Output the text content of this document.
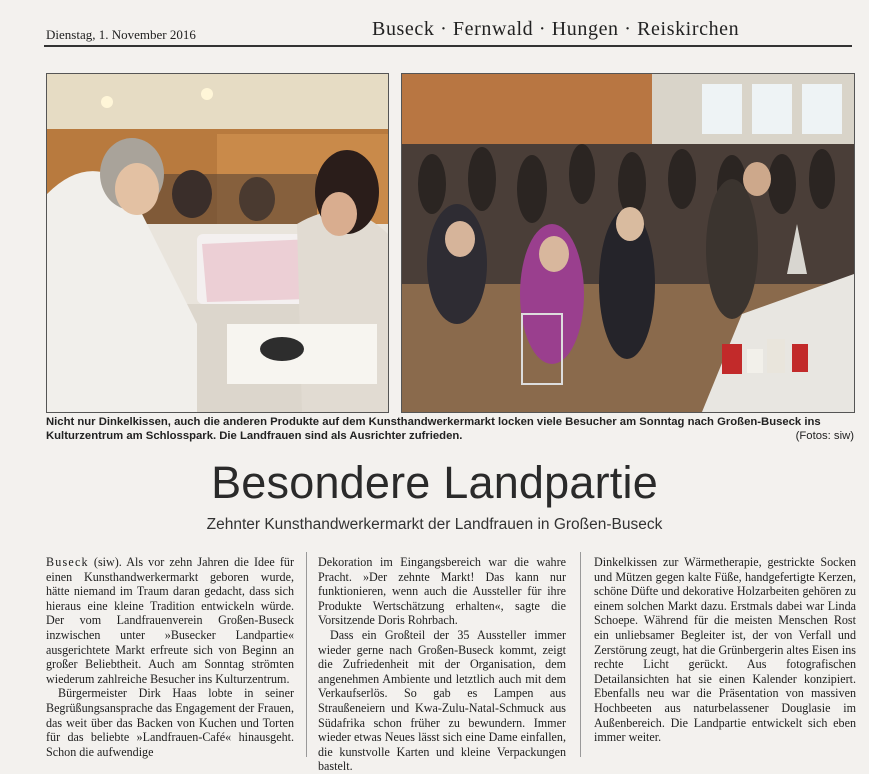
Dienstag, 1. November 2016	Buseck · Fernwald · Hungen · Reiskirchen
Nicht nur Dinkelkissen, auch die anderen Produkte auf dem Kunsthandwerkermarkt locken viele Besucher am Sonntag nach Großen-Buseck ins Kulturzentrum am Schlosspark. Die Landfrauen sind als Ausrichter zufrieden.	(Fotos: siw)
Besondere Landpartie
Zehnter Kunsthandwerkermarkt der Landfrauen in Großen-Buseck

Buseck (siw). Als vor zehn Jahren die Idee für einen Kunsthandwerkermarkt geboren wurde, hätte niemand im Traum daran gedacht, dass sich hieraus eine kleine Tradition entwickeln würde. Der vom Landfrauenverein Großen-Buseck inzwischen unter »Busecker Landpartie« ausgerichtete Markt erfreute sich von Beginn an großer Beliebtheit. Auch am Sonntag strömten wiederum zahlreiche Besucher ins Kulturzentrum.

Bürgermeister Dirk Haas lobte in seiner Begrüßungsansprache das Engagement der Frauen, das weit über das Backen von Kuchen und Torten für das beliebte »Landfrauen-Café« hinausgeht. Schon die aufwendige

Dekoration im Eingangsbereich war die wahre Pracht. »Der zehnte Markt! Das kann nur funktionieren, wenn auch die Aussteller für ihre Produkte Wertschätzung erhalten«, sagte die Vorsitzende Doris Rohrbach.

Dass ein Großteil der 35 Aussteller immer wieder gerne nach Großen-Buseck kommt, zeigt die Zufriedenheit mit der Organisation, dem angenehmen Ambiente und letztlich auch mit dem Verkaufserlös. So gab es Lampen aus Straußeneiern und Kwa-Zulu-Natal-Schmuck aus Südafrika schon früher zu bewundern. Immer wieder etwas Neues lässt sich eine Dame einfallen, die kunstvolle Karten und kleine Verpackungen bastelt.

Dinkelkissen zur Wärmetherapie, gestrickte Socken und Mützen gegen kalte Füße, handgefertigte Kerzen, schöne Düfte und dekorative Holzarbeiten gehören zu einem solchen Markt dazu. Erstmals dabei war Linda Schoepe. Während für die meisten Menschen Rost ein unliebsamer Begleiter ist, der von Verfall und Zerstörung zeugt, hat die Grünbergerin altes Eisen ins rechte Licht gerückt. Aus fotografischen Detailansichten hat sie einen Kalender konzipiert. Ebenfalls neu war die Präsentation von massiven Hochbeeten aus naturbelassener Douglasie im Außenbereich. Die Landpartie entwickelt sich eben immer weiter.
